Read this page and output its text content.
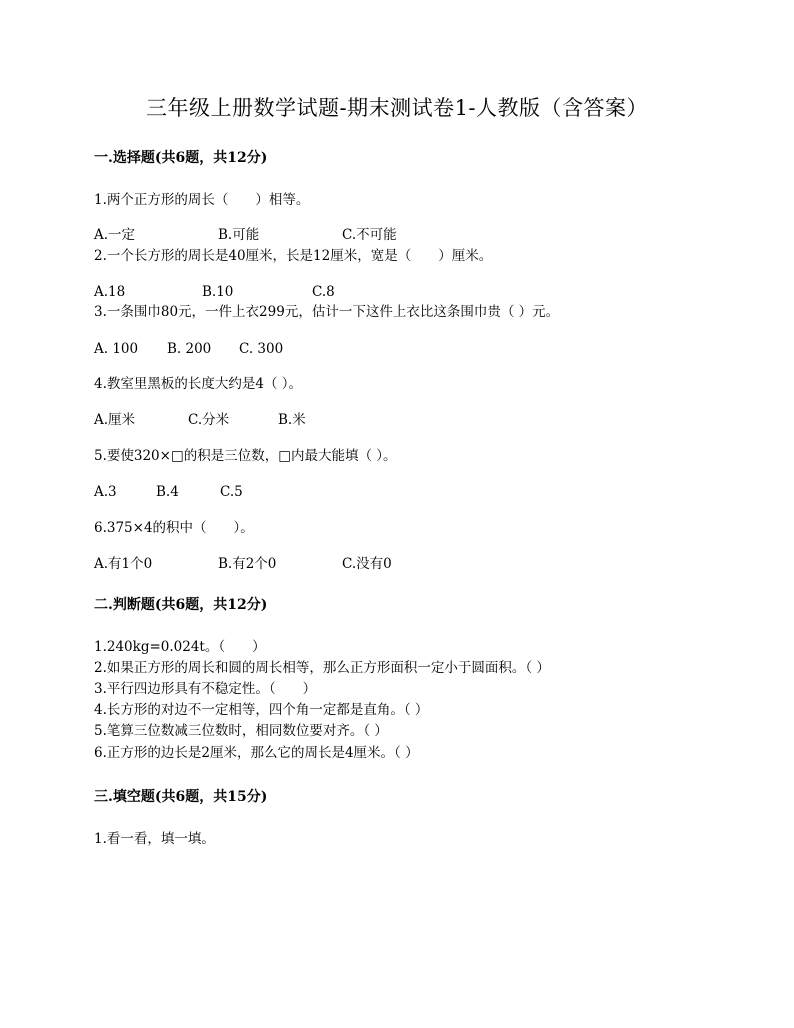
三年级上册数学试题-期末测试卷1-人教版（含答案）
一.选择题(共6题，共12分)
1.两个正方形的周长（　　）相等。
A.一定	B.可能	C.不可能
2.一个长方形的周长是40厘米，长是12厘米，宽是（　　）厘米。
A.18	B.10	C.8
3.一条围巾80元，一件上衣299元，估计一下这件上衣比这条围巾贵（ ）元。
A. 100 B. 200 C. 300
4.教室里黑板的长度大约是4（ ）。
A.厘米	C.分米	B.米
5.要使320×□的积是三位数，□内最大能填（ ）。
A.3	B.4	C.5
6.375×4的积中（　　）。
A.有1个0	B.有2个0	C.没有0
二.判断题(共6题，共12分)
1.240kg=0.024t。（　　）
2.如果正方形的周长和圆的周长相等，那么正方形面积一定小于圆面积。（ ）
3.平行四边形具有不稳定性。（　　）
4.长方形的对边不一定相等，四个角一定都是直角。（ ）
5.笔算三位数减三位数时，相同数位要对齐。（ ）
6.正方形的边长是2厘米，那么它的周长是4厘米。（ ）
三.填空题(共6题，共15分)
1.看一看，填一填。
